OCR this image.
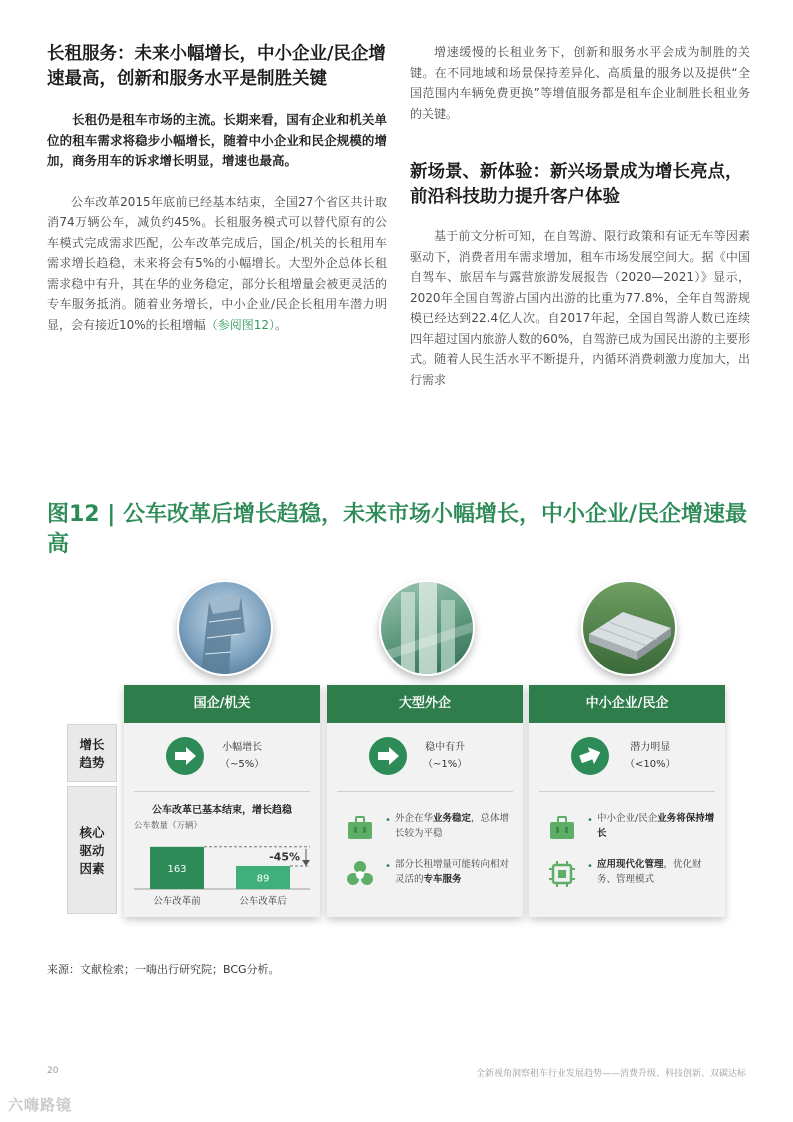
长租服务：未来小幅增长，中小企业/民企增速最高，创新和服务水平是制胜关键

长租仍是租车市场的主流。长期来看，国有企业和机关单位的租车需求将稳步小幅增长，随着中小企业和民企规模的增加，商务用车的诉求增长明显，增速也最高。

公车改革2015年底前已经基本结束，全国27个省区共计取消74万辆公车，减负约45%。长租服务模式可以替代原有的公车模式完成需求匹配，公车改革完成后，国企/机关的长租用车需求增长趋稳，未来将会有5%的小幅增长。大型外企总体长租需求稳中有升，其在华的业务稳定，部分长租增量会被更灵活的专车服务抵消。随着业务增长，中小企业/民企长租用车潜力明显，会有接近10%的长租增幅（参阅图12）。

增速缓慢的长租业务下，创新和服务水平会成为制胜的关键。在不同地域和场景保持差异化、高质量的服务以及提供“全国范围内车辆免费更换”等增值服务都是租车企业制胜长租业务的关键。

新场景、新体验：新兴场景成为增长亮点，前沿科技助力提升客户体验

基于前文分析可知，在自驾游、限行政策和有证无车等因素驱动下，消费者用车需求增加，租车市场发展空间大。据《中国自驾车、旅居车与露营旅游发展报告（2020—2021）》显示，2020年全国自驾游占国内出游的比重为77.8%，全年自驾游规模已经达到22.4亿人次。自2017年起，全国自驾游人数已连续四年超过国内旅游人数的60%，自驾游已成为国民出游的主要形式。随着人民生活水平不断提升，内循环消费刺激力度加大，出行需求

图12 | 公车改革后增长趋稳，未来市场小幅增长，中小企业/民企增速最高
增长
趋势
核心
驱动
因素
国企/机关
小幅增长
（~5%）
公车改革已基本结束，增长趋稳
公车数量（万辆）
163
公车改革前
89
公车改革后
-45%
大型外企
稳中有升
（~1%）
• 外企在华业务稳定，总体增长较为平稳
• 部分长租增量可能转向相对灵活的专车服务
中小企业/民企
潜力明显
（<10%）
• 中小企业/民企业务将保持增长
• 应用现代化管理，优化财务、管理模式
来源：文献检索；一嗨出行研究院；BCG分析。
20	全新视角洞察租车行业发展趋势——消费升级、科技创新、双碳达标
六嗨路镜
